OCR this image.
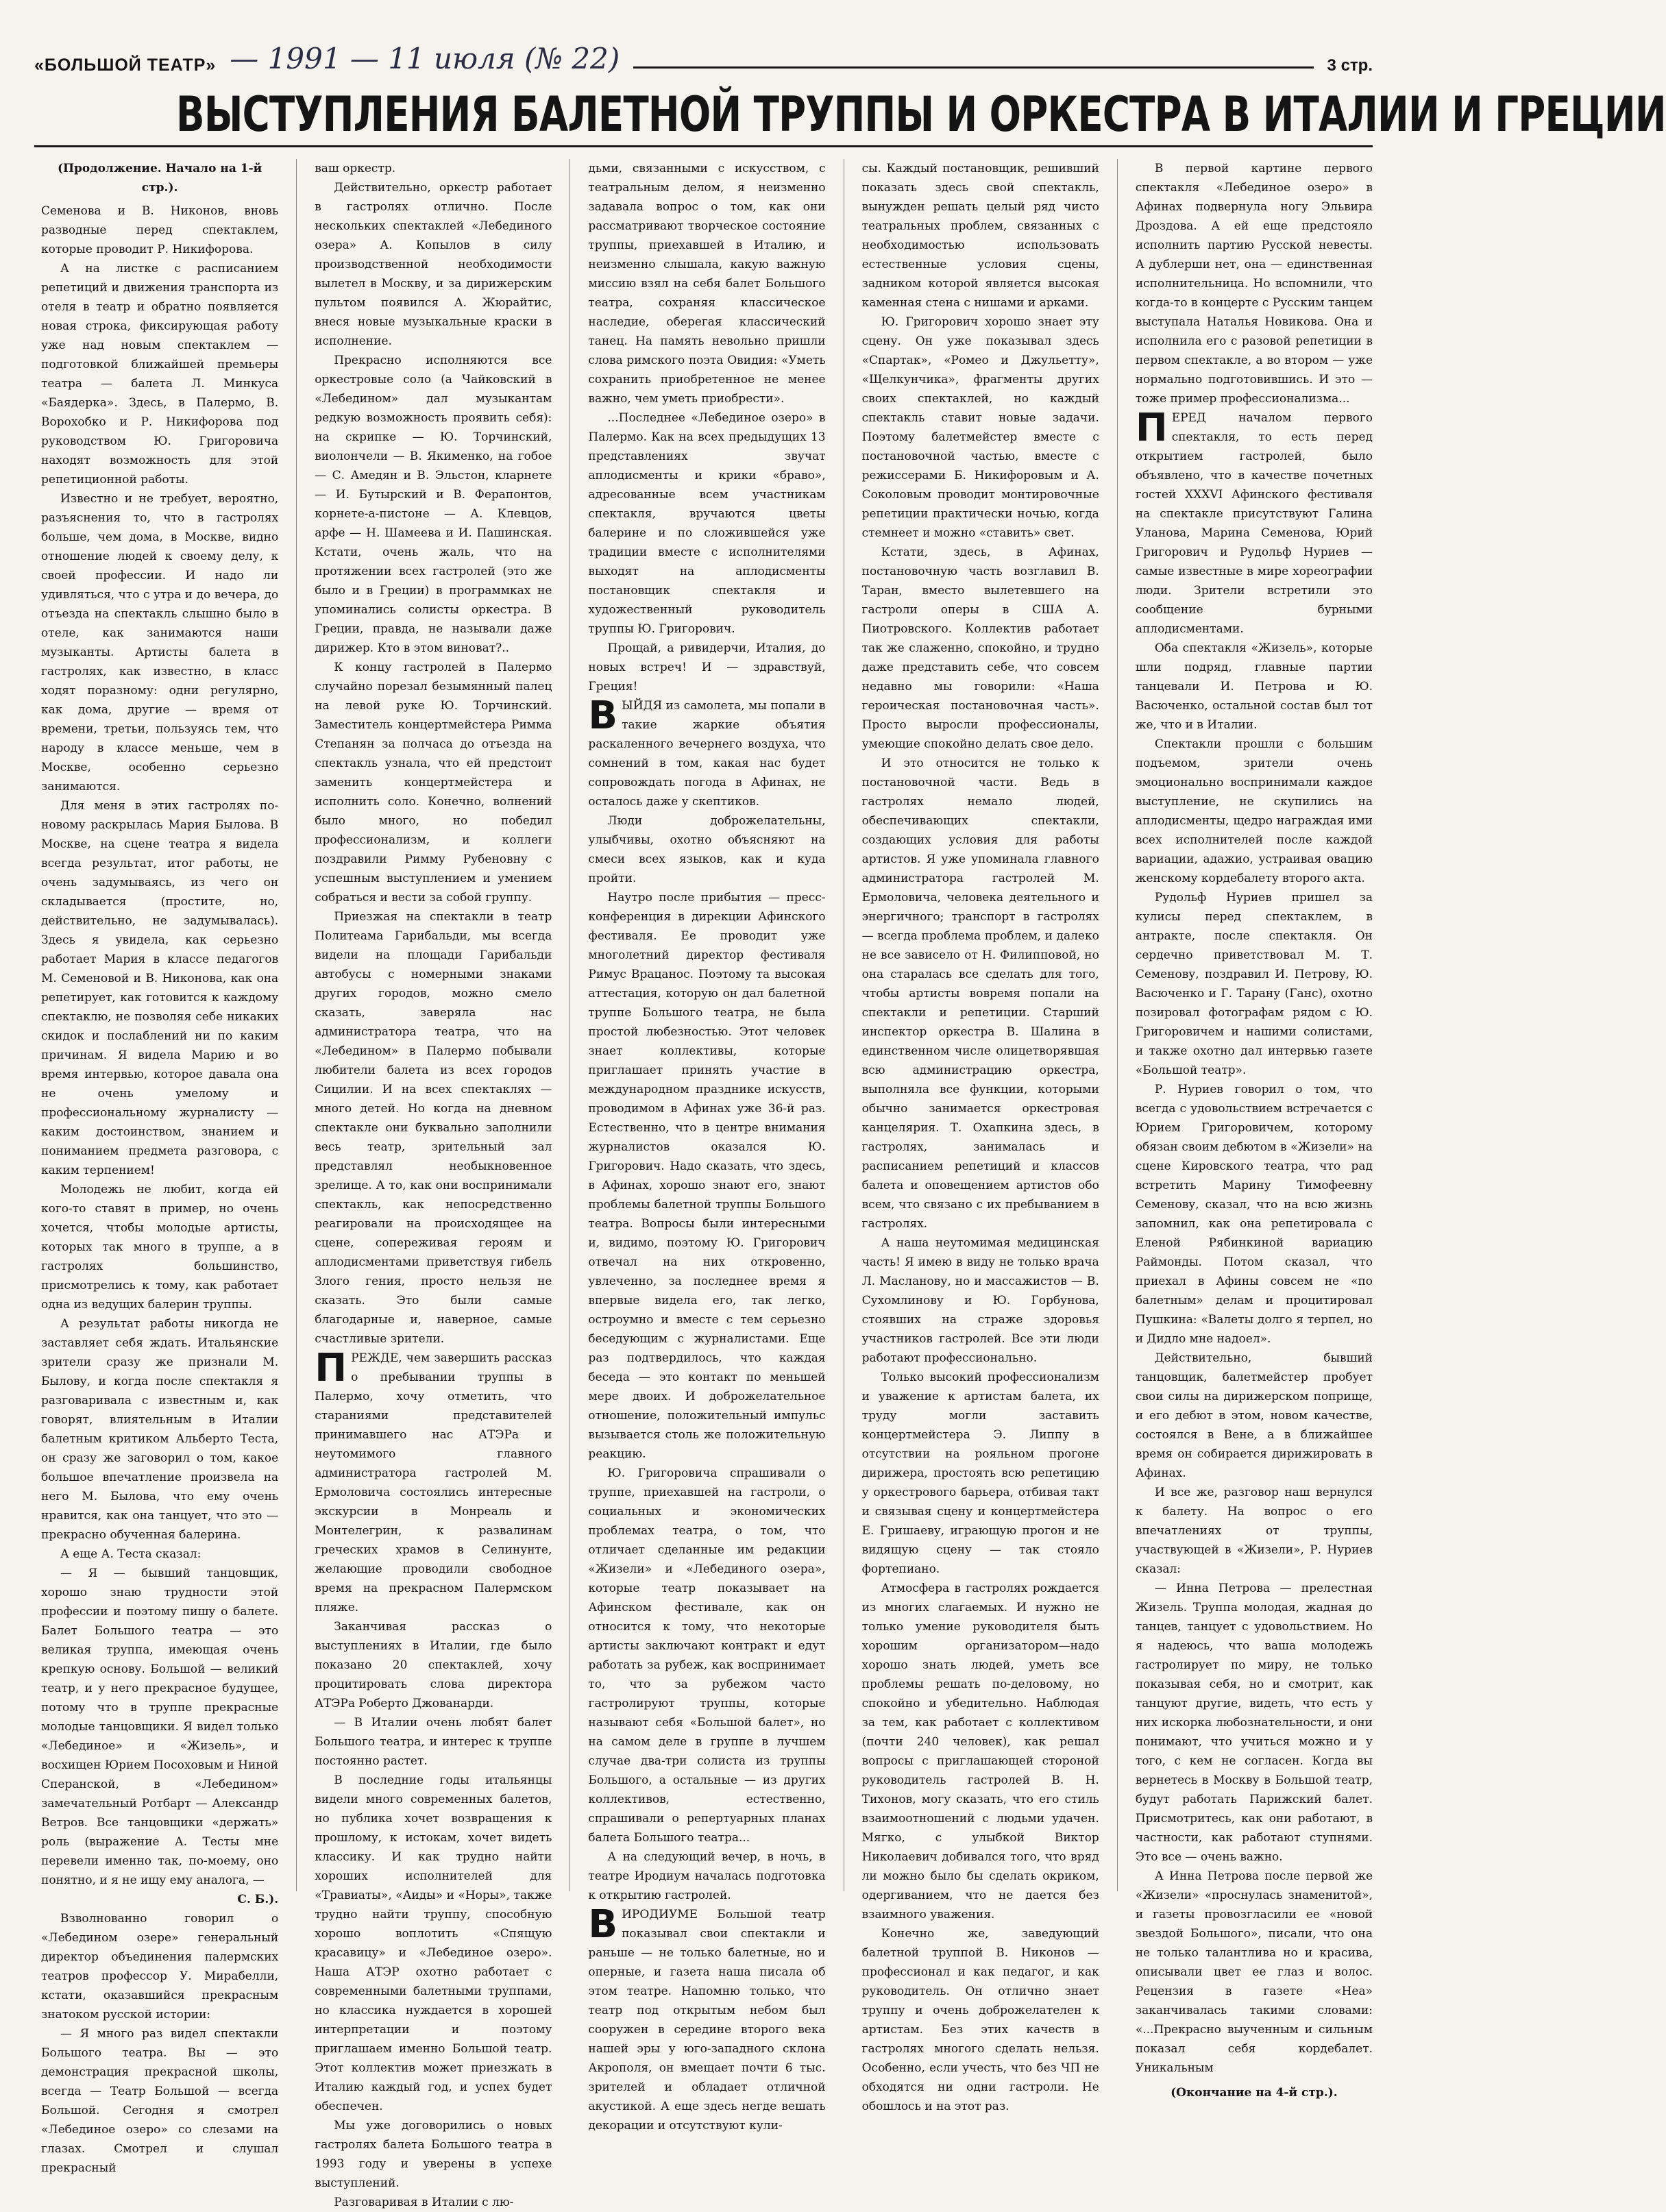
«БОЛЬШОЙ ТЕАТР» — 1991 — 11 июля (№ 22)	3 стр.
ВЫСТУПЛЕНИЯ БАЛЕТНОЙ ТРУППЫ И ОРКЕСТРА В ИТАЛИИ И ГРЕЦИИ

(Продолжение. Начало на 1-й стр.).

Семенова и В. Никонов, вновь разводные перед спектаклем, которые проводит Р. Никифорова.

А на листке с расписанием репетиций и движения транспорта из отеля в театр и обратно появляется новая строка, фиксирующая работу уже над новым спектаклем — подготовкой ближайшей премьеры театра — балета Л. Минкуса «Баядерка». Здесь, в Палермо, В. Ворохобко и Р. Никифорова под руководством Ю. Григоровича находят возможность для этой репетиционной работы.

Известно и не требует, вероятно, разъяснения то, что в гастролях больше, чем дома, в Москве, видно отношение людей к своему делу, к своей профессии. И надо ли удивляться, что с утра и до вечера, до отъезда на спектакль слышно было в отеле, как занимаются наши музыканты. Артисты балета в гастролях, как известно, в класс ходят поразному: одни регулярно, как дома, другие — время от времени, третьи, пользуясь тем, что народу в классе меньше, чем в Москве, особенно серьезно занимаются.

Для меня в этих гастролях по-новому раскрылась Мария Былова. В Москве, на сцене театра я видела всегда результат, итог работы, не очень задумываясь, из чего он складывается (простите, но, действительно, не задумывалась). Здесь я увидела, как серьезно работает Мария в классе педагогов М. Семеновой и В. Никонова, как она репетирует, как готовится к каждому спектаклю, не позволяя себе никаких скидок и послаблений ни по каким причинам. Я видела Марию и во время интервью, которое давала она не очень умелому и профессиональному журналисту — каким достоинством, знанием и пониманием предмета разговора, с каким терпением!

Молодежь не любит, когда ей кого-то ставят в пример, но очень хочется, чтобы молодые артисты, которых так много в труппе, а в гастролях большинство, присмотрелись к тому, как работает одна из ведущих балерин труппы.

А результат работы никогда не заставляет себя ждать. Итальянские зрители сразу же признали М. Былову, и когда после спектакля я разговаривала с известным и, как говорят, влиятельным в Италии балетным критиком Альберто Теста, он сразу же заговорил о том, какое большое впечатление произвела на него М. Былова, что ему очень нравится, как она танцует, что это — прекрасно обученная балерина.

А еще А. Теста сказал:

— Я — бывший танцовщик, хорошо знаю трудности этой профессии и поэтому пишу о балете. Балет Большого театра — это великая труппа, имеющая очень крепкую основу. Большой — великий театр, и у него прекрасное будущее, потому что в труппе прекрасные молодые танцовщики. Я видел только «Лебединое» и «Жизель», и восхищен Юрием Посоховым и Ниной Сперанской, в «Лебедином» замечательный Ротбарт — Александр Ветров. Все танцовщики «держать» роль (выражение А. Тесты мне перевели именно так, по-моему, оно понятно, и я не ищу ему аналога, —

С. Б.).

Взволнованно говорил о «Лебедином озере» генеральный директор объединения палермских театров профессор У. Мирабелли, кстати, оказавшийся прекрасным знатоком русской истории:

— Я много раз видел спектакли Большого театра. Вы — это демонстрация прекрасной школы, всегда — Театр Большой — всегда Большой. Сегодня я смотрел «Лебединое озеро» со слезами на глазах. Смотрел и слушал прекрасный

ваш оркестр.

Действительно, оркестр работает в гастролях отлично. После нескольких спектаклей «Лебединого озера» А. Копылов в силу производственной необходимости вылетел в Москву, и за дирижерским пультом появился А. Жюрайтис, внеся новые музыкальные краски в исполнение.

Прекрасно исполняются все оркестровые соло (а Чайковский в «Лебедином» дал музыкантам редкую возможность проявить себя): на скрипке — Ю. Торчинский, виолончели — В. Якименко, на гобое — С. Амедян и В. Эльстон, кларнете — И. Бутырский и В. Ферапонтов, корнете-а-пистоне — А. Клевцов, арфе — Н. Шамеева и И. Пашинская. Кстати, очень жаль, что на протяжении всех гастролей (это же было и в Греции) в программках не упоминались солисты оркестра. В Греции, правда, не называли даже дирижер. Кто в этом виноват?..

К концу гастролей в Палермо случайно порезал безымянный палец на левой руке Ю. Торчинский. Заместитель концертмейстера Римма Степанян за полчаса до отъезда на спектакль узнала, что ей предстоит заменить концертмейстера и исполнить соло. Конечно, волнений было много, но победил профессионализм, и коллеги поздравили Римму Рубеновну с успешным выступлением и умением собраться и вести за собой группу.

Приезжая на спектакли в театр Политеама Гарибальди, мы всегда видели на площади Гарибальди автобусы с номерными знаками других городов, можно смело сказать, заверяла нас администратора театра, что на «Лебедином» в Палермо побывали любители балета из всех городов Сицилии. И на всех спектаклях — много детей. Но когда на дневном спектакле они буквально заполнили весь театр, зрительный зал представлял необыкновенное зрелище. А то, как они воспринимали спектакль, как непосредственно реагировали на происходящее на сцене, сопереживая героям и аплодисментами приветствуя гибель Злого гения, просто нельзя не сказать. Это были самые благодарные и, наверное, самые счастливые зрители.

ПРЕЖДЕ, чем завершить рассказ о пребывании труппы в Палермо, хочу отметить, что стараниями представителей принимавшего нас АТЭРа и неутомимого главного администратора гастролей М. Ермоловича состоялись интересные экскурсии в Монреаль и Монтелегрин, к развалинам греческих храмов в Селинунте, желающие проводили свободное время на прекрасном Палермском пляже.

Заканчивая рассказ о выступлениях в Италии, где было показано 20 спектаклей, хочу процитировать слова директора АТЭРа Роберто Джованарди.

— В Италии очень любят балет Большого театра, и интерес к труппе постоянно растет.

В последние годы итальянцы видели много современных балетов, но публика хочет возвращения к прошлому, к истокам, хочет видеть классику. И как трудно найти хороших исполнителей для «Травиаты», «Аиды» и «Норы», также трудно найти труппу, способную хорошо воплотить «Спящую красавицу» и «Лебединое озеро». Наша АТЭР охотно работает с современными балетными труппами, но классика нуждается в хорошей интерпретации и поэтому приглашаем именно Большой театр. Этот коллектив может приезжать в Италию каждый год, и успех будет обеспечен.

Мы уже договорились о новых гастролях балета Большого театра в 1993 году и уверены в успехе выступлений.

Разговаривая в Италии с лю-

дьми, связанными с искусством, с театральным делом, я неизменно задавала вопрос о том, как они рассматривают творческое состояние труппы, приехавшей в Италию, и неизменно слышала, какую важную миссию взял на себя балет Большого театра, сохраняя классическое наследие, оберегая классический танец. На память невольно пришли слова римского поэта Овидия: «Уметь сохранить приобретенное не менее важно, чем уметь приобрести».

...Последнее «Лебединое озеро» в Палермо. Как на всех предыдущих 13 представлениях звучат аплодисменты и крики «браво», адресованные всем участникам спектакля, вручаются цветы балерине и по сложившейся уже традиции вместе с исполнителями выходят на аплодисменты постановщик спектакля и художественный руководитель труппы Ю. Григорович.

Прощай, а ривидерчи, Италия, до новых встреч! И — здравствуй, Греция!

ВЫЙДЯ из самолета, мы попали в такие жаркие объятия раскаленного вечернего воздуха, что сомнений в том, какая нас будет сопровождать погода в Афинах, не осталось даже у скептиков.

Люди доброжелательны, улыбчивы, охотно объясняют на смеси всех языков, как и куда пройти.

Наутро после прибытия — пресс-конференция в дирекции Афинского фестиваля. Ее проводит уже многолетний директор фестиваля Римус Врацанос. Поэтому та высокая аттестация, которую он дал балетной труппе Большого театра, не была простой любезностью. Этот человек знает коллективы, которые приглашает принять участие в международном празднике искусств, проводимом в Афинах уже 36-й раз. Естественно, что в центре внимания журналистов оказался Ю. Григорович. Надо сказать, что здесь, в Афинах, хорошо знают его, знают проблемы балетной труппы Большого театра. Вопросы были интересными и, видимо, поэтому Ю. Григорович отвечал на них откровенно, увлеченно, за последнее время я впервые видела его, так легко, остроумно и вместе с тем серьезно беседующим с журналистами. Еще раз подтвердилось, что каждая беседа — это контакт по меньшей мере двоих. И доброжелательное отношение, положительный импульс вызывается столь же положительную реакцию.

Ю. Григоровича спрашивали о труппе, приехавшей на гастроли, о социальных и экономических проблемах театра, о том, что отличает сделанные им редакции «Жизели» и «Лебединого озера», которые театр показывает на Афинском фестивале, как он относится к тому, что некоторые артисты заключают контракт и едут работать за рубеж, как воспринимает то, что за рубежом часто гастролируют труппы, которые называют себя «Большой балет», но на самом деле в группе в лучшем случае два-три солиста из труппы Большого, а остальные — из других коллективов, естественно, спрашивали о репертуарных планах балета Большого театра...

А на следующий вечер, в ночь, в театре Иродиум началась подготовка к открытию гастролей.

ВИРОДИУМЕ Большой театр показывал свои спектакли и раньше — не только балетные, но и оперные, и газета наша писала об этом театре. Напомню только, что театр под открытым небом был сооружен в середине второго века нашей эры у юго-западного склона Акрополя, он вмещает почти 6 тыс. зрителей и обладает отличной акустикой. А еще здесь негде вешать декорации и отсутствуют кули-

сы. Каждый постановщик, решивший показать здесь свой спектакль, вынужден решать целый ряд чисто театральных проблем, связанных с необходимостью использовать естественные условия сцены, задником которой является высокая каменная стена с нишами и арками.

Ю. Григорович хорошо знает эту сцену. Он уже показывал здесь «Спартак», «Ромео и Джульетту», «Щелкунчика», фрагменты других своих спектаклей, но каждый спектакль ставит новые задачи. Поэтому балетмейстер вместе с постановочной частью, вместе с режиссерами Б. Никифоровым и А. Соколовым проводит монтировочные репетиции практически ночью, когда стемнеет и можно «ставить» свет.

Кстати, здесь, в Афинах, постановочную часть возглавил В. Таран, вместо вылетевшего на гастроли оперы в США А. Пиотровского. Коллектив работает так же слаженно, спокойно, и трудно даже представить себе, что совсем недавно мы говорили: «Наша героическая постановочная часть». Просто выросли профессионалы, умеющие спокойно делать свое дело.

И это относится не только к постановочной части. Ведь в гастролях немало людей, обеспечивающих спектакли, создающих условия для работы артистов. Я уже упоминала главного администратора гастролей М. Ермоловича, человека деятельного и энергичного; транспорт в гастролях — всегда проблема проблем, и далеко не все зависело от Н. Филипповой, но она старалась все сделать для того, чтобы артисты вовремя попали на спектакли и репетиции. Старший инспектор оркестра В. Шалина в единственном числе олицетворявшая всю администрацию оркестра, выполняла все функции, которыми обычно занимается оркестровая канцелярия. Т. Охапкина здесь, в гастролях, занималась и расписанием репетиций и классов балета и оповещением артистов обо всем, что связано с их пребыванием в гастролях.

А наша неутомимая медицинская часть! Я имею в виду не только врача Л. Масланову, но и массажистов — В. Сухомлинову и Ю. Горбунова, стоявших на страже здоровья участников гастролей. Все эти люди работают профессионально.

Только высокий профессионализм и уважение к артистам балета, их труду могли заставить концертмейстера Э. Липпу в отсутствии на рояльном прогоне дирижера, простоять всю репетицию у оркестрового барьера, отбивая такт и связывая сцену и концертмейстера Е. Гришаеву, играющую прогон и не видящую сцену — так стояло фортепиано.

Атмосфера в гастролях рождается из многих слагаемых. И нужно не только умение руководителя быть хорошим организатором—надо хорошо знать людей, уметь все проблемы решать по-деловому, но спокойно и убедительно. Наблюдая за тем, как работает с коллективом (почти 240 человек), как решал вопросы с приглашающей стороной руководитель гастролей В. Н. Тихонов, могу сказать, что его стиль взаимоотношений с людьми удачен. Мягко, с улыбкой Виктор Николаевич добивался того, что вряд ли можно было бы сделать окриком, одергиванием, что не дается без взаимного уважения.

Конечно же, заведующий балетной труппой В. Никонов — профессионал и как педагог, и как руководитель. Он отлично знает труппу и очень доброжелателен к артистам. Без этих качеств в гастролях многого сделать нельзя. Особенно, если учесть, что без ЧП не обходятся ни одни гастроли. Не обошлось и на этот раз.

В первой картине первого спектакля «Лебединое озеро» в Афинах подвернула ногу Эльвира Дроздова. А ей еще предстояло исполнить партию Русской невесты. А дублерши нет, она — единственная исполнительница. Но вспомнили, что когда-то в концерте с Русским танцем выступала Наталья Новикова. Она и исполнила его с разовой репетиции в первом спектакле, а во втором — уже нормально подготовившись. И это — тоже пример профессионализма...

ПЕРЕД началом первого спектакля, то есть перед открытием гастролей, было объявлено, что в качестве почетных гостей XXXVI Афинского фестиваля на спектакле присутствуют Галина Уланова, Марина Семенова, Юрий Григорович и Рудольф Нуриев — самые известные в мире хореографии люди. Зрители встретили это сообщение бурными аплодисментами.

Оба спектакля «Жизель», которые шли подряд, главные партии танцевали И. Петрова и Ю. Васюченко, остальной состав был тот же, что и в Италии.

Спектакли прошли с большим подъемом, зрители очень эмоционально воспринимали каждое выступление, не скупились на аплодисменты, щедро награждая ими всех исполнителей после каждой вариации, адажио, устраивая овацию женскому кордебалету второго акта.

Рудольф Нуриев пришел за кулисы перед спектаклем, в антракте, после спектакля. Он сердечно приветствовал М. Т. Семенову, поздравил И. Петрову, Ю. Васюченко и Г. Тарану (Ганс), охотно позировал фотографам рядом с Ю. Григоровичем и нашими солистами, и также охотно дал интервью газете «Большой театр».

Р. Нуриев говорил о том, что всегда с удовольствием встречается с Юрием Григоровичем, которому обязан своим дебютом в «Жизели» на сцене Кировского театра, что рад встретить Марину Тимофеевну Семенову, сказал, что на всю жизнь запомнил, как она репетировала с Еленой Рябинкиной вариацию Раймонды. Потом сказал, что приехал в Афины совсем не «по балетным» делам и процитировал Пушкина: «Валеты долго я терпел, но и Дидло мне надоел».

Действительно, бывший танцовщик, балетмейстер пробует свои силы на дирижерском поприще, и его дебют в этом, новом качестве, состоялся в Вене, а в ближайшее время он собирается дирижировать в Афинах.

И все же, разговор наш вернулся к балету. На вопрос о его впечатлениях от труппы, участвующей в «Жизели», Р. Нуриев сказал:

— Инна Петрова — прелестная Жизель. Труппа молодая, жадная до танцев, танцует с удовольствием. Но я надеюсь, что ваша молодежь гастролирует по миру, не только показывая себя, но и смотрит, как танцуют другие, видеть, что есть у них искорка любознательности, и они понимают, что учиться можно и у того, с кем не согласен. Когда вы вернетесь в Москву в Большой театр, будут работать Парижский балет. Присмотритесь, как они работают, в частности, как работают ступнями. Это все — очень важно.

А Инна Петрова после первой же «Жизели» «проснулась знаменитой», и газеты провозгласили ее «новой звездой Большого», писали, что она не только талантлива но и красива, описывали цвет ее глаз и волос. Рецензия в газете «Неа» заканчивалась такими словами: «...Прекрасно выученным и сильным показал себя кордебалет. Уникальным

(Окончание на 4-й стр.).
